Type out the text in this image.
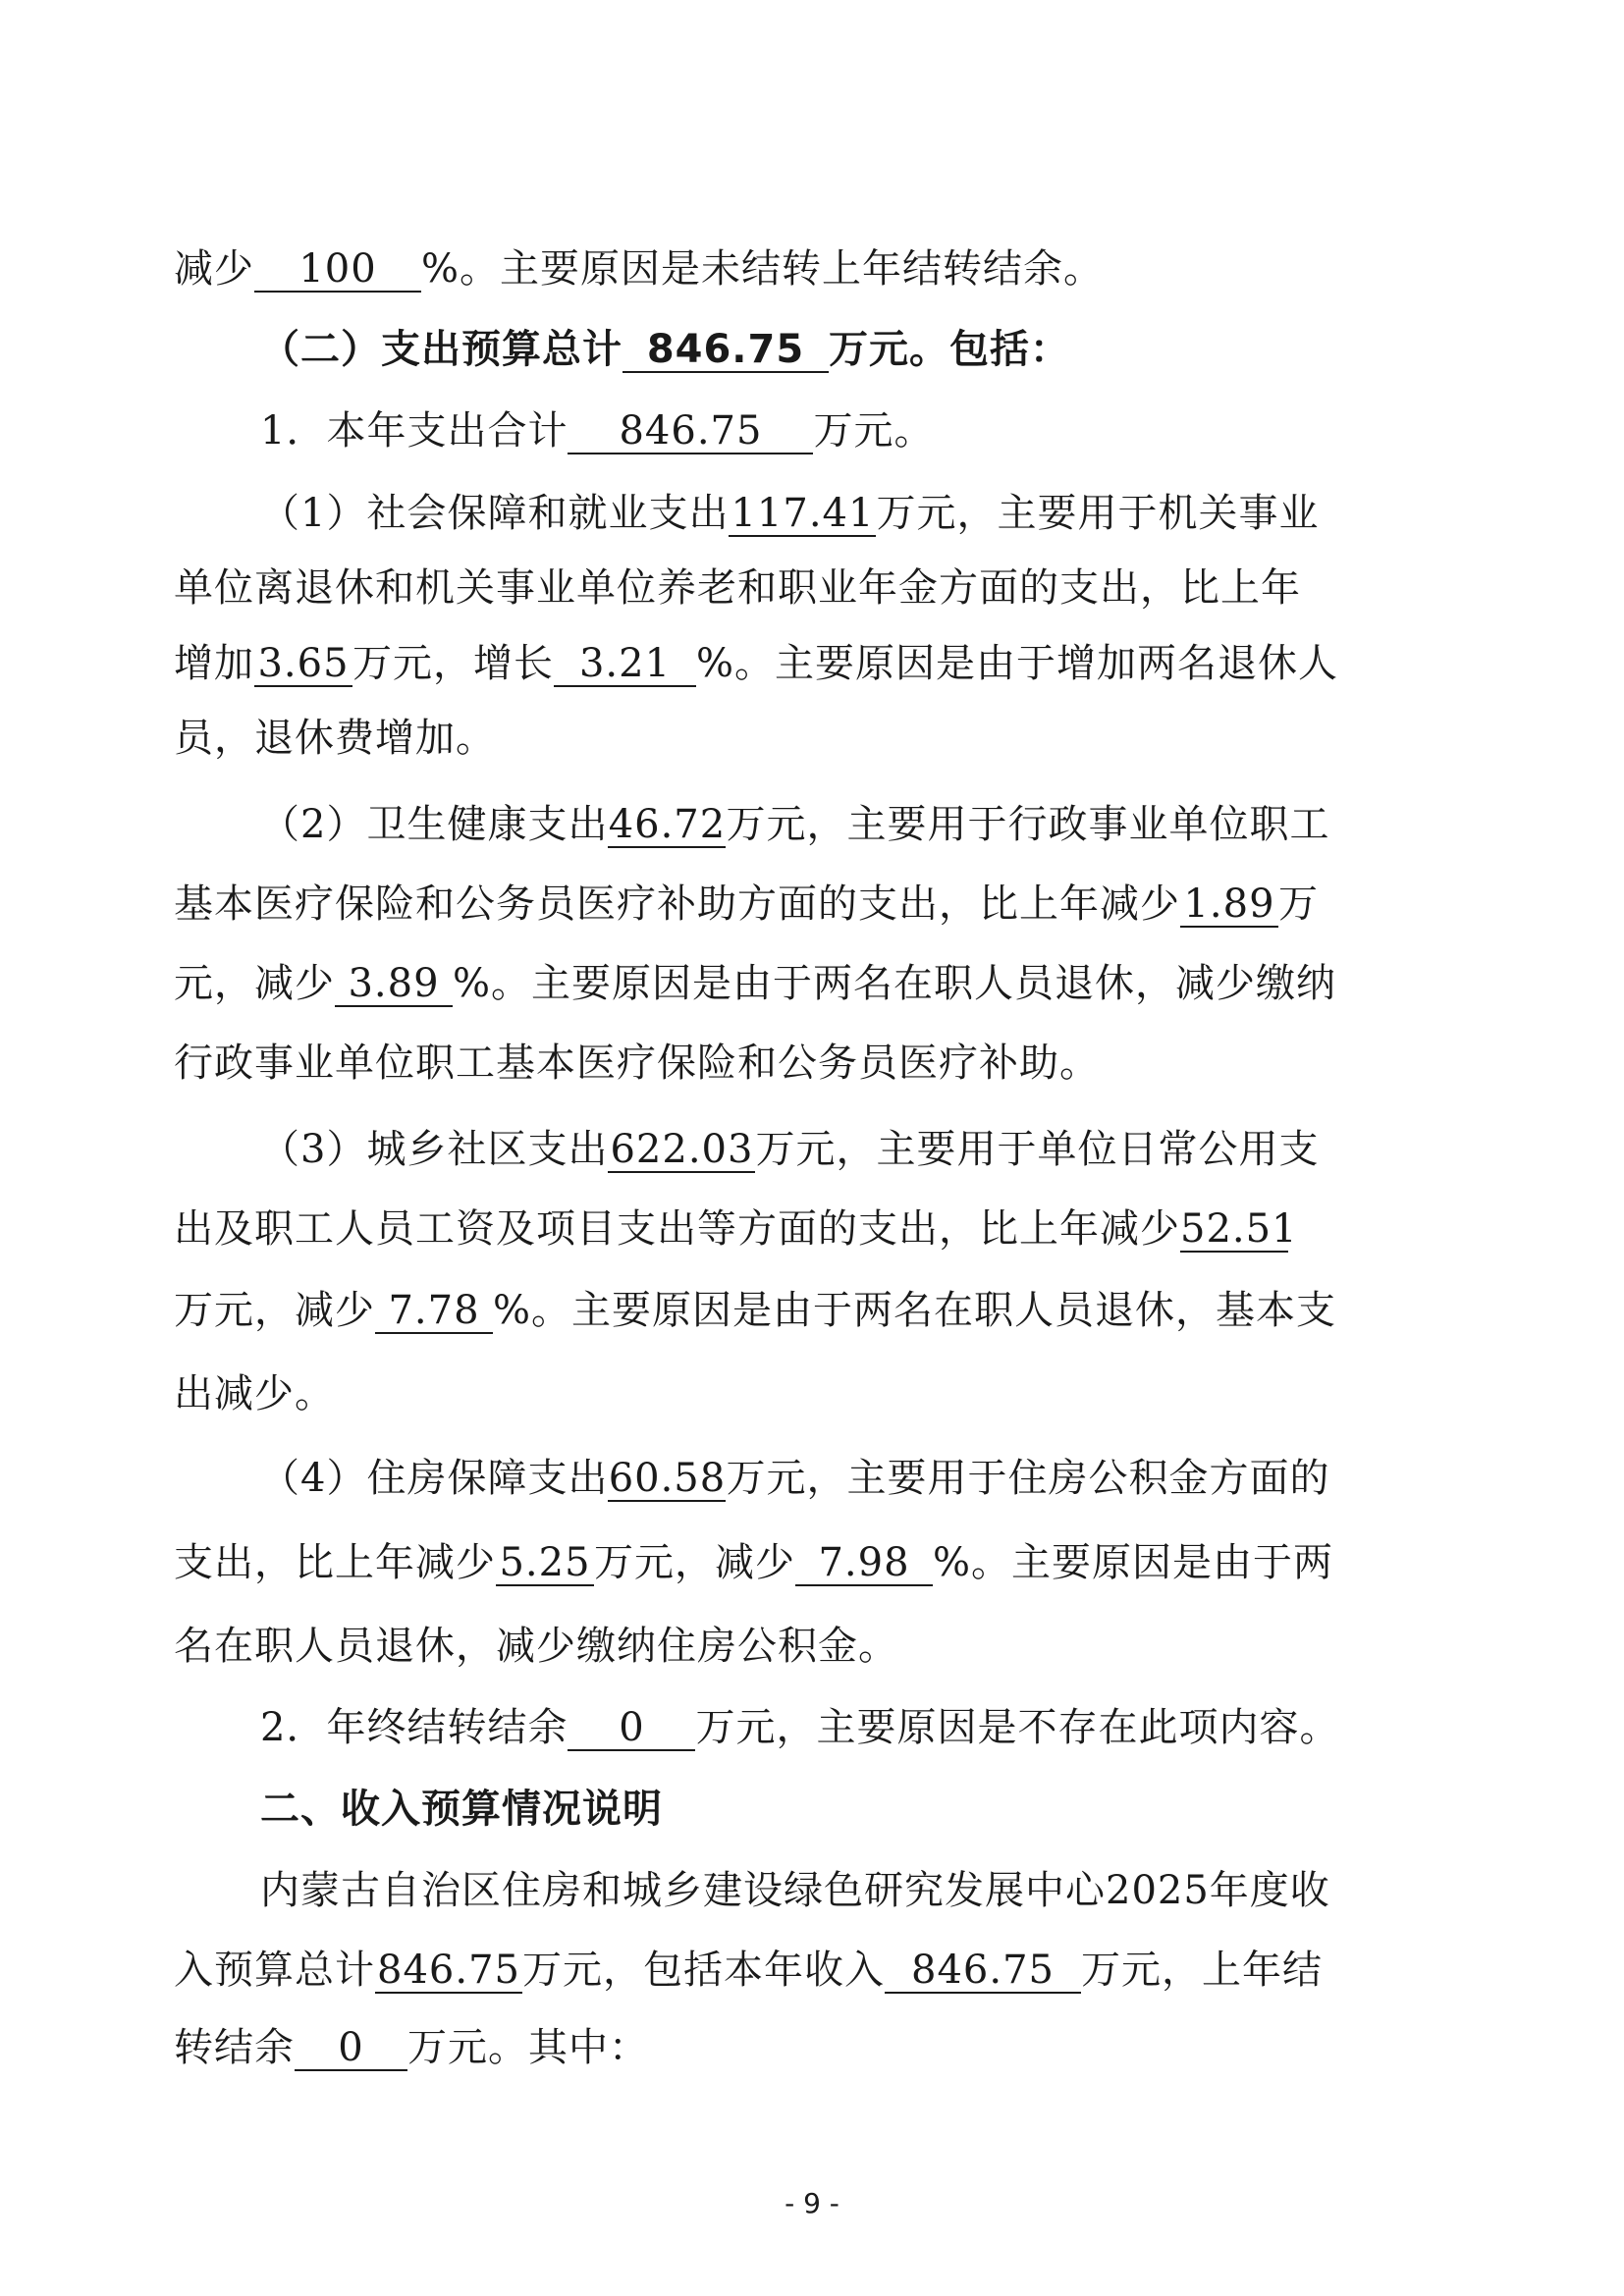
减少 100 %。主要原因是未结转上年结转结余。
（二）支出预算总计 846.75 万元。包括：
1．本年支出合计 846.75 万元。
（1）社会保障和就业支出117.41万元，主要用于机关事业
单位离退休和机关事业单位养老和职业年金方面的支出，比上年
增加3.65万元，增长 3.21 %。主要原因是由于增加两名退休人
员，退休费增加。
（2）卫生健康支出46.72万元，主要用于行政事业单位职工
基本医疗保险和公务员医疗补助方面的支出，比上年减少1.89万
元，减少 3.89 %。主要原因是由于两名在职人员退休，减少缴纳
行政事业单位职工基本医疗保险和公务员医疗补助。
（3）城乡社区支出622.03万元，主要用于单位日常公用支
出及职工人员工资及项目支出等方面的支出，比上年减少52.51
万元，减少 7.78 %。主要原因是由于两名在职人员退休，基本支
出减少。
（4）住房保障支出60.58万元，主要用于住房公积金方面的
支出，比上年减少5.25万元，减少 7.98 %。主要原因是由于两
名在职人员退休，减少缴纳住房公积金。
2．年终结转结余 0 万元，主要原因是不存在此项内容。
二、收入预算情况说明
内蒙古自治区住房和城乡建设绿色研究发展中心2025年度收
入预算总计846.75万元，包括本年收入 846.75 万元，上年结
转结余 0 万元。其中：
- 9 -
